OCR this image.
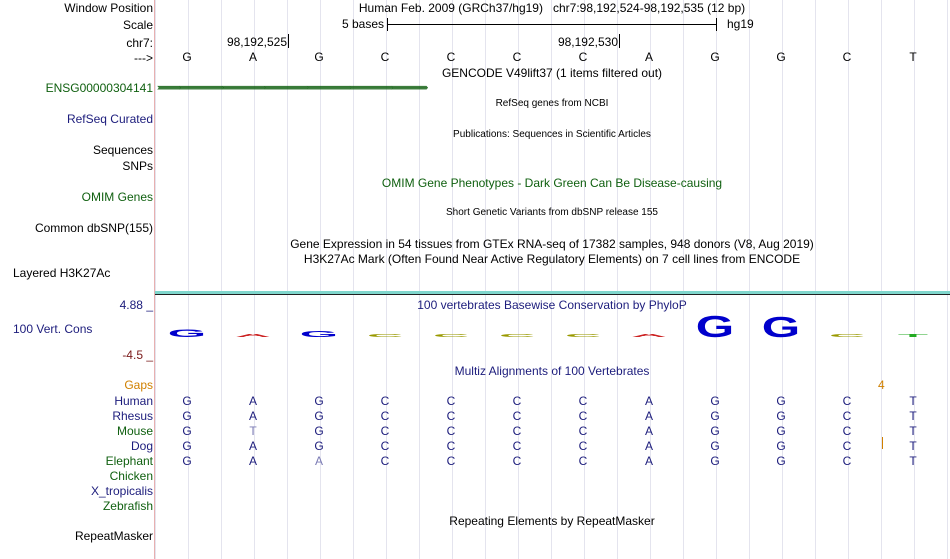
Window Position	Human Feb. 2009 (GRCh37/hg19)   chr7:98,192,524-98,192,535 (12 bp)
Scale	5 bases	hg19
chr7:	98,192,525	98,192,530
--->	G	A	G	C	C	C	C	A	G	G	C	T
GENCODE V49lift37 (1 items filtered out)
ENSG00000304141 ››››››››››››››››››››››››››››››››››››››››››››››››››››››››››››››››››››››››››››››››››››››››››››››››››››››››››››››››››››››››››››››››››››››››››››››››››››››››››››››››››››››››››››››››››››››››››››››››››››››››››››››››››››››››››››››››››››››››››››››››››››››››››››››››››››››››››››››
RefSeq genes from NCBI
RefSeq Curated
Publications: Sequences in Scientific Articles
Sequences
SNPs
OMIM Gene Phenotypes - Dark Green Can Be Disease-causing
OMIM Genes
Short Genetic Variants from dbSNP release 155
Common dbSNP(155)
Gene Expression in 54 tissues from GTEx RNA-seq of 17382 samples, 948 donors (V8, Aug 2019)
H3K27Ac Mark (Often Found Near Active Regulatory Elements) on 7 cell lines from ENCODE
Layered H3K27Ac
100 vertebrates Basewise Conservation by PhyloP
4.88 _
100 Vert. Cons
-4.5 _
G A G C C C C A G G C T
Multiz Alignments of 100 Vertebrates
Gaps	4
Human	G	A	G	C	C	C	C	A	G	G	C	T
Rhesus	G	A	G	C	C	C	C	A	G	G	C	T
Mouse	G	T	G	C	C	C	C	A	G	G	C	T
Dog	G	A	G	C	C	C	C	A	G	G	C	T
Elephant	G	A	A	C	C	C	C	A	G	G	C	T
Chicken
X_tropicalis
Zebrafish
Repeating Elements by RepeatMasker
RepeatMasker
